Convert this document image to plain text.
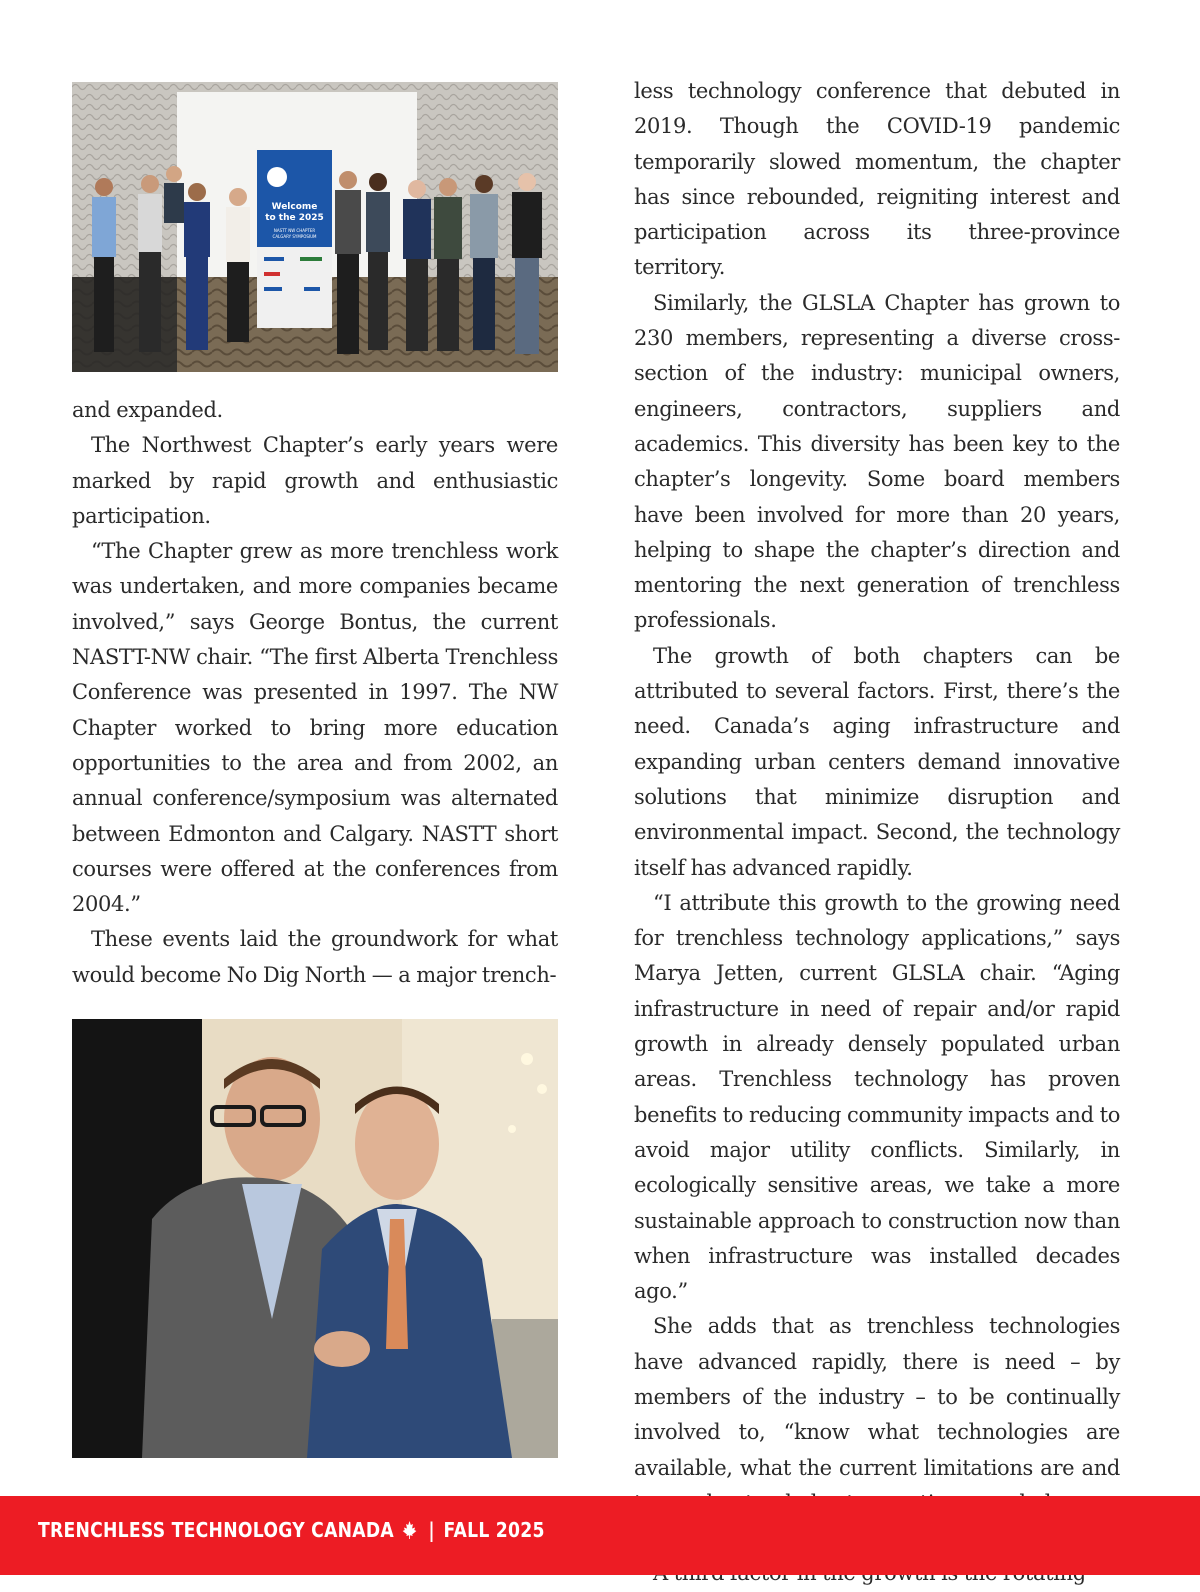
Welcome
to the 2025
NASTT NW CHAPTER
CALGARY SYMPOSIUM

and expanded.

The Northwest Chapter’s early years were marked by rapid growth and enthusiastic participation.

“The Chapter grew as more trenchless work was undertaken, and more companies became involved,” says George Bontus, the current NASTT-NW chair. “The first Alberta Trenchless Conference was presented in 1997. The NW Chapter worked to bring more education opportunities to the area and from 2002, an annual conference/symposium was alternated between Edmonton and Calgary. NASTT short courses were offered at the conferences from 2004.”

These events laid the groundwork for what would become No Dig North — a major trench-

less technology conference that debuted in 2019. Though the COVID-19 pandemic temporarily slowed momentum, the chapter has since rebounded, reigniting interest and participation across its three-province territory.

Similarly, the GLSLA Chapter has grown to 230 members, representing a diverse cross-section of the industry: municipal owners, engineers, contractors, suppliers and academics. This diversity has been key to the chapter’s longevity. Some board members have been involved for more than 20 years, helping to shape the chapter’s direction and mentoring the next generation of trenchless professionals.

The growth of both chapters can be attributed to several factors. First, there’s the need. Canada’s aging infrastructure and expanding urban centers demand innovative solutions that minimize disruption and environmental impact. Second, the technology itself has advanced rapidly.

“I attribute this growth to the growing need for trenchless technology applications,” says Marya Jetten, current GLSLA chair. “Aging infrastructure in need of repair and/or rapid growth in already densely populated urban areas. Trenchless technology has proven benefits to reducing community impacts and to avoid major utility conflicts. Similarly, in ecologically sensitive areas, we take a more sustainable approach to construction now than when infrastructure was installed decades ago.”

She adds that as trenchless technologies have advanced rapidly, there is need – by members of the industry – to be continually involved to, “know what technologies are available, what the current limitations are and

TRENCHLESS TECHNOLOGY CANADA | FALL 2025
